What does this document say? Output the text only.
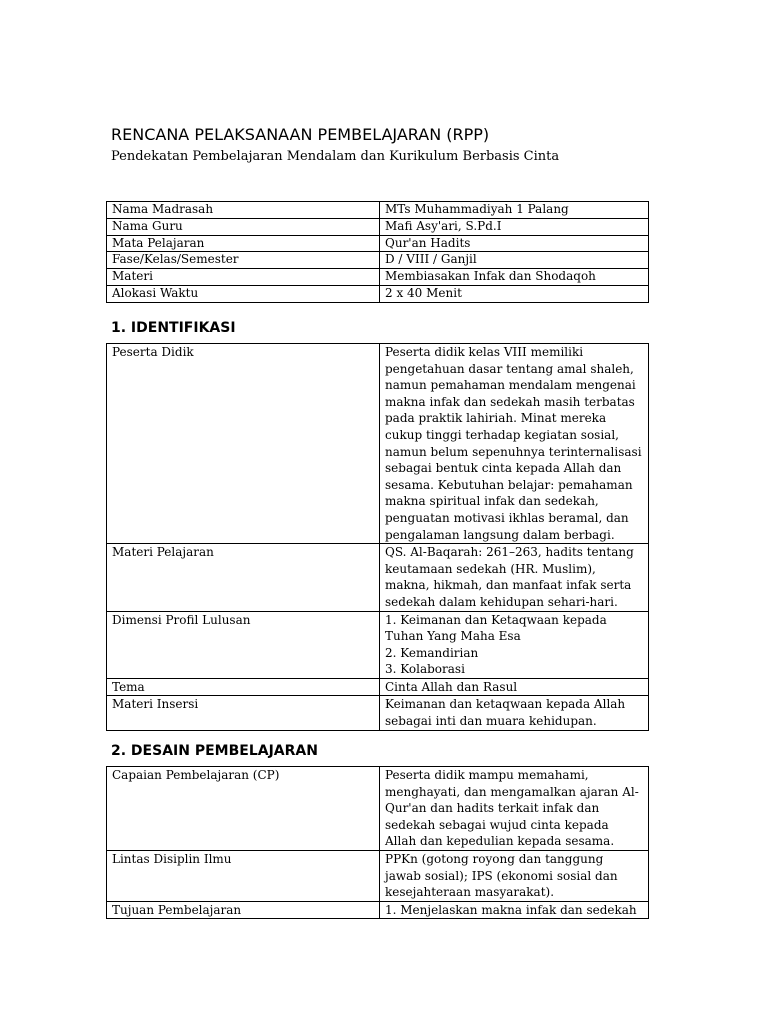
RENCANA PELAKSANAAN PEMBELAJARAN (RPP)
Pendekatan Pembelajaran Mendalam dan Kurikulum Berbasis Cinta
Nama Madrasah	MTs Muhammadiyah 1 Palang
Nama Guru	Mafi Asy'ari, S.Pd.I
Mata Pelajaran	Qur'an Hadits
Fase/Kelas/Semester	D / VIII / Ganjil
Materi	Membiasakan Infak dan Shodaqoh
Alokasi Waktu	2 x 40 Menit
1. IDENTIFIKASI
Peserta Didik	Peserta didik kelas VIII memiliki pengetahuan dasar tentang amal shaleh, namun pemahaman mendalam mengenai makna infak dan sedekah masih terbatas pada praktik lahiriah. Minat mereka cukup tinggi terhadap kegiatan sosial, namun belum sepenuhnya terinternalisasi sebagai bentuk cinta kepada Allah dan sesama. Kebutuhan belajar: pemahaman makna spiritual infak dan sedekah, penguatan motivasi ikhlas beramal, dan pengalaman langsung dalam berbagi.
Materi Pelajaran	QS. Al-Baqarah: 261–263, hadits tentang keutamaan sedekah (HR. Muslim), makna, hikmah, dan manfaat infak serta sedekah dalam kehidupan sehari-hari.
Dimensi Profil Lulusan	1. Keimanan dan Ketaqwaan kepada Tuhan Yang Maha Esa
2. Kemandirian
3. Kolaborasi

Tema	Cinta Allah dan Rasul
Materi Insersi	Keimanan dan ketaqwaan kepada Allah sebagai inti dan muara kehidupan.
2. DESAIN PEMBELAJARAN
Capaian Pembelajaran (CP)	Peserta didik mampu memahami, menghayati, dan mengamalkan ajaran Al-Qur'an dan hadits terkait infak dan sedekah sebagai wujud cinta kepada Allah dan kepedulian kepada sesama.
Lintas Disiplin Ilmu	PPKn (gotong royong dan tanggung jawab sosial); IPS (ekonomi sosial dan kesejahteraan masyarakat).
Tujuan Pembelajaran	1. Menjelaskan makna infak dan sedekah
